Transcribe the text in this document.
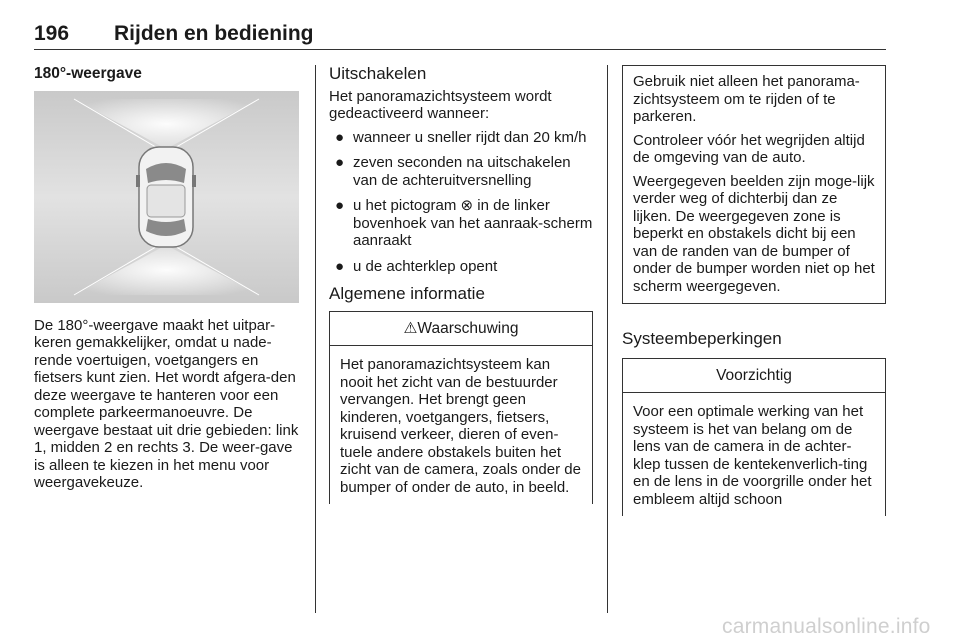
196 Rijden en bediening
180°-weergave

De 180°-weergave maakt het uitpar-keren gemakkelijker, omdat u nade-rende voertuigen, voetgangers en fietsers kunt zien. Het wordt afgera-den deze weergave te hanteren voor een complete parkeermanoeuvre. De weergave bestaat uit drie gebieden: link 1, midden 2 en rechts 3. De weer-gave is alleen te kiezen in het menu voor weergavekeuze.

Uitschakelen

Het panoramazichtsysteem wordt gedeactiveerd wanneer:

● wanneer u sneller rijdt dan 20 km/h
● zeven seconden na uitschakelen van de achteruitversnelling
● u het pictogram ⊗ in de linker bovenhoek van het aanraak-scherm aanraakt
● u de achterklep opent
Algemene informatie
⚠Waarschuwing
Het panoramazichtsysteem kan nooit het zicht van de bestuurder vervangen. Het brengt geen kinderen, voetgangers, fietsers, kruisend verkeer, dieren of even-tuele andere obstakels buiten het zicht van de camera, zoals onder de bumper of onder de auto, in beeld.

Gebruik niet alleen het panorama-zichtsysteem om te rijden of te parkeren.

Controleer vóór het wegrijden altijd de omgeving van de auto.

Weergegeven beelden zijn moge-lijk verder weg of dichterbij dan ze lijken. De weergegeven zone is beperkt en obstakels dicht bij een van de randen van de bumper of onder de bumper worden niet op het scherm weergegeven.

Systeembeperkingen
Voorzichtig
Voor een optimale werking van het systeem is het van belang om de lens van de camera in de achter-klep tussen de kentekenverlich-ting en de lens in de voorgrille onder het embleem altijd schoon
carmanualsonline.info
